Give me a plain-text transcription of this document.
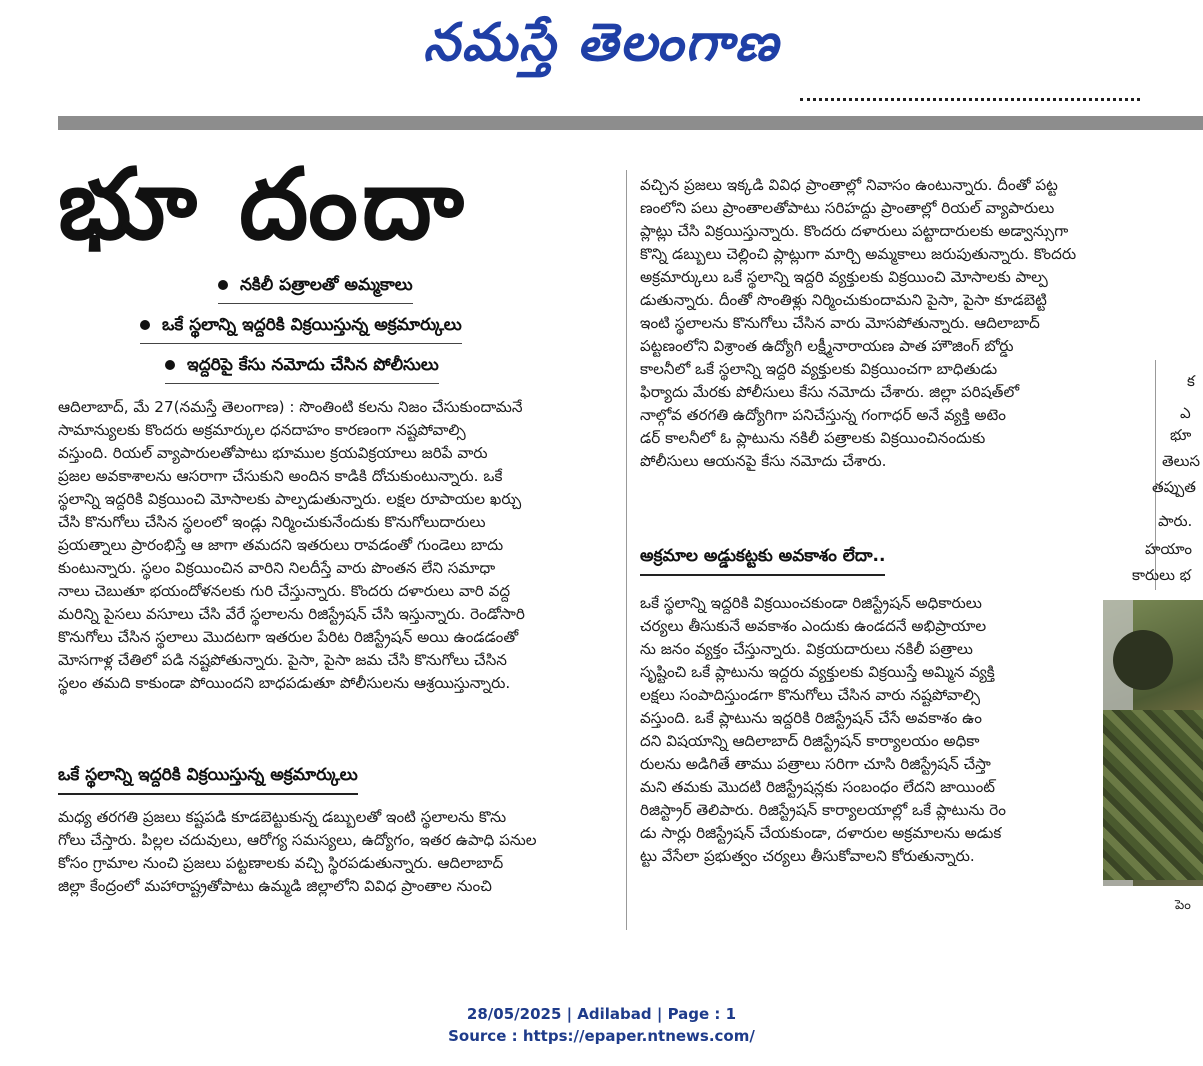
నమస్తే తెలంగాణ
భూ దందా
నకిలీ పత్రాలతో అమ్మకాలు
ఒకే స్థలాన్ని ఇద్దరికి విక్రయిస్తున్న అక్రమార్కులు
ఇద్దరిపై కేసు నమోదు చేసిన పోలీసులు

ఆదిలాబాద్, మే 27(నమస్తే తెలంగాణ) : సొంతింటి కలను నిజం చేసుకుందామనే

సామాన్యులకు కొందరు అక్రమార్కుల ధనదాహం కారణంగా నష్టపోవాల్సి

వస్తుంది. రియల్ వ్యాపారులతోపాటు భూముల క్రయవిక్రయాలు జరిపే వారు

ప్రజల అవకాశాలను ఆసరాగా చేసుకుని అందిన కాడికి దోచుకుంటున్నారు. ఒకే

స్థలాన్ని ఇద్దరికి విక్రయించి మోసాలకు పాల్పడుతున్నారు. లక్షల రూపాయల ఖర్చు

చేసి కొనుగోలు చేసిన స్థలంలో ఇండ్లు నిర్మించుకునేందుకు కొనుగోలుదారులు

ప్రయత్నాలు ప్రారంభిస్తే ఆ జాగా తమదని ఇతరులు రావడంతో గుండెలు బాదు

కుంటున్నారు. స్థలం విక్రయించిన వారిని నిలదీస్తే వారు పొంతన లేని సమాధా

నాలు చెబుతూ భయందోళనలకు గురి చేస్తున్నారు. కొందరు దళారులు వారి వద్ద

మరిన్ని పైసలు వసూలు చేసి వేరే స్థలాలను రిజిస్ట్రేషన్ చేసి ఇస్తున్నారు. రెండోసారి

కొనుగోలు చేసిన స్థలాలు మొదటగా ఇతరుల పేరిట రిజిస్ట్రేషన్ అయి ఉండడంతో

మోసగాళ్ల చేతిలో పడి నష్టపోతున్నారు. పైసా, పైసా జమ చేసి కొనుగోలు చేసిన

స్థలం తమది కాకుండా పోయిందని బాధపడుతూ పోలీసులను ఆశ్రయిస్తున్నారు.

ఒకే స్థలాన్ని ఇద్దరికి విక్రయిస్తున్న అక్రమార్కులు

మధ్య తరగతి ప్రజలు కష్టపడి కూడబెట్టుకున్న డబ్బులతో ఇంటి స్థలాలను కొను

గోలు చేస్తారు. పిల్లల చదువులు, ఆరోగ్య సమస్యలు, ఉద్యోగం, ఇతర ఉపాధి పనుల

కోసం గ్రామాల నుంచి ప్రజలు పట్టణాలకు వచ్చి స్థిరపడుతున్నారు. ఆదిలాబాద్

జిల్లా కేంద్రంలో మహారాష్ట్రతోపాటు ఉమ్మడి జిల్లాలోని వివిధ ప్రాంతాల నుంచి

వచ్చిన ప్రజలు ఇక్కడి వివిధ ప్రాంతాల్లో నివాసం ఉంటున్నారు. దీంతో పట్ట

ణంలోని పలు ప్రాంతాలతోపాటు సరిహద్దు ప్రాంతాల్లో రియల్ వ్యాపారులు

ప్లాట్లు చేసి విక్రయిస్తున్నారు. కొందరు దళారులు పట్టాదారులకు అడ్వాన్సుగా

కొన్ని డబ్బులు చెల్లించి ప్లాట్లుగా మార్చి అమ్మకాలు జరుపుతున్నారు. కొందరు

అక్రమార్కులు ఒకే స్థలాన్ని ఇద్దరి వ్యక్తులకు విక్రయించి మోసాలకు పాల్ప

డుతున్నారు. దీంతో సొంతిళ్లు నిర్మించుకుందామని పైసా, పైసా కూడబెట్టి

ఇంటి స్థలాలను కొనుగోలు చేసిన వారు మోసపోతున్నారు. ఆదిలాబాద్

పట్టణంలోని విశ్రాంత ఉద్యోగి లక్ష్మీనారాయణ పాత హౌజింగ్ బోర్డు

కాలనీలో ఒకే స్థలాన్ని ఇద్దరి వ్యక్తులకు విక్రయించగా బాధితుడు

ఫిర్యాదు మేరకు పోలీసులు కేసు నమోదు చేశారు. జిల్లా పరిషత్‌లో

నాల్గోవ తరగతి ఉద్యోగిగా పనిచేస్తున్న గంగాధర్ అనే వ్యక్తి అటెం

డర్ కాలనీలో ఓ ప్లాటును నకిలీ పత్రాలకు విక్రయించినందుకు

పోలీసులు ఆయనపై కేసు నమోదు చేశారు.

అక్రమాల అడ్డుకట్టకు అవకాశం లేదా..

ఒకే స్థలాన్ని ఇద్దరికి విక్రయించకుండా రిజిస్ట్రేషన్ అధికారులు

చర్యలు తీసుకునే అవకాశం ఎందుకు ఉండదనే అభిప్రాయాల

ను జనం వ్యక్తం చేస్తున్నారు. విక్రయదారులు నకిలీ పత్రాలు

సృష్టించి ఒకే ప్లాటును ఇద్దరు వ్యక్తులకు విక్రయిస్తే అమ్మిన వ్యక్తి

లక్షలు సంపాదిస్తుండగా కొనుగోలు చేసిన వారు నష్టపోవాల్సి

వస్తుంది. ఒకే ప్లాటును ఇద్దరికి రిజిస్ట్రేషన్ చేసే అవకాశం ఉం

దని విషయాన్ని ఆదిలాబాద్ రిజిస్ట్రేషన్ కార్యాలయం అధికా

రులను అడిగితే తాము పత్రాలు సరిగా చూసి రిజిస్ట్రేషన్ చేస్తా

మని తమకు మొదటి రిజిస్ట్రేషన్లకు సంబంధం లేదని జాయింట్

రిజిస్ట్రార్ తెలిపారు. రిజిస్ట్రేషన్ కార్యాలయాల్లో ఒకే ప్లాటును రెం

డు సార్లు రిజిస్ట్రేషన్ చేయకుండా, దళారుల అక్రమాలను అడుక

ట్టు వేసేలా ప్రభుత్వం చర్యలు తీసుకోవాలని కోరుతున్నారు.

క
ఎ
భూ
తెలుస
తప్పుత
పారు.
హయాం
కారులు భ
పెం
28/05/2025 | Adilabad | Page : 1
Source : https://epaper.ntnews.com/
